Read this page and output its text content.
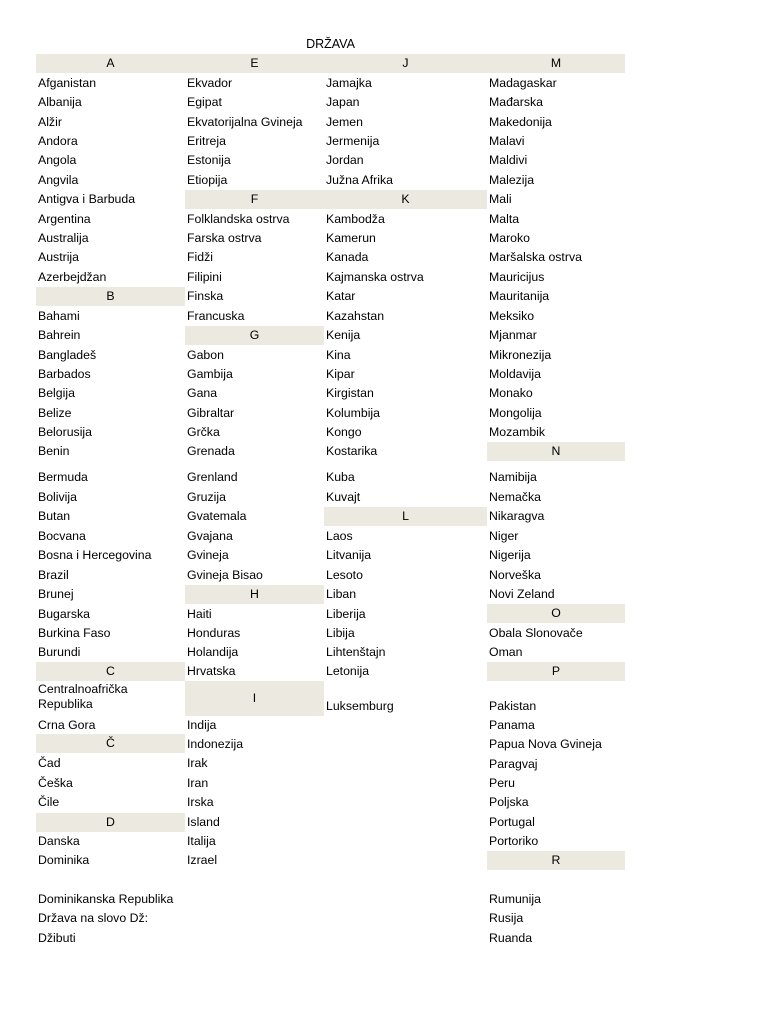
DRŽAVA
A
Afganistan
Albanija
Alžir
Andora
Angola
Angvila
Antigva i Barbuda
Argentina
Australija
Austrija
Azerbejdžan
B
Bahami
Bahrein
Bangladeš
Barbados
Belgija
Belize
Belorusija
Benin
Bermuda
Bolivija
Butan
Bocvana
Bosna i Hercegovina
Brazil
Brunej
Bugarska
Burkina Faso
Burundi
C
Centralnoafrička Republika
Crna Gora
Č
Čad
Češka
Čile
D
Danska
Dominika
Dominikanska Republika
Država na slovo Dž:
Džibuti
E
Ekvador
Egipat
Ekvatorijalna Gvineja
Eritreja
Estonija
Etiopija
F
Folklandska ostrva
Farska ostrva
Fidži
Filipini
Finska
Francuska
G
Gabon
Gambija
Gana
Gibraltar
Grčka
Grenada
Grenland
Gruzija
Gvatemala
Gvajana
Gvineja
Gvineja Bisao
H
Haiti
Honduras
Holandija
Hrvatska
I
Indija
Indonezija
Irak
Iran
Irska
Island
Italija
Izrael
J
Jamajka
Japan
Jemen
Jermenija
Jordan
Južna Afrika
K
Kambodža
Kamerun
Kanada
Kajmanska ostrva
Katar
Kazahstan
Kenija
Kina
Kipar
Kirgistan
Kolumbija
Kongo
Kostarika
Kuba
Kuvajt
L
Laos
Litvanija
Lesoto
Liban
Liberija
Libija
Lihtenštajn
Letonija
Luksemburg
M
Madagaskar
Mađarska
Makedonija
Malavi
Maldivi
Malezija
Mali
Malta
Maroko
Maršalska ostrva
Mauricijus
Mauritanija
Meksiko
Mjanmar
Mikronezija
Moldavija
Monako
Mongolija
Mozambik
N
Namibija
Nemačka
Nikaragva
Niger
Nigerija
Norveška
Novi Zeland
O
Obala Slonovače
Oman
P
Pakistan
Panama
Papua Nova Gvineja
Paragvaj
Peru
Poljska
Portugal
Portoriko
R
Rumunija
Rusija
Ruanda
